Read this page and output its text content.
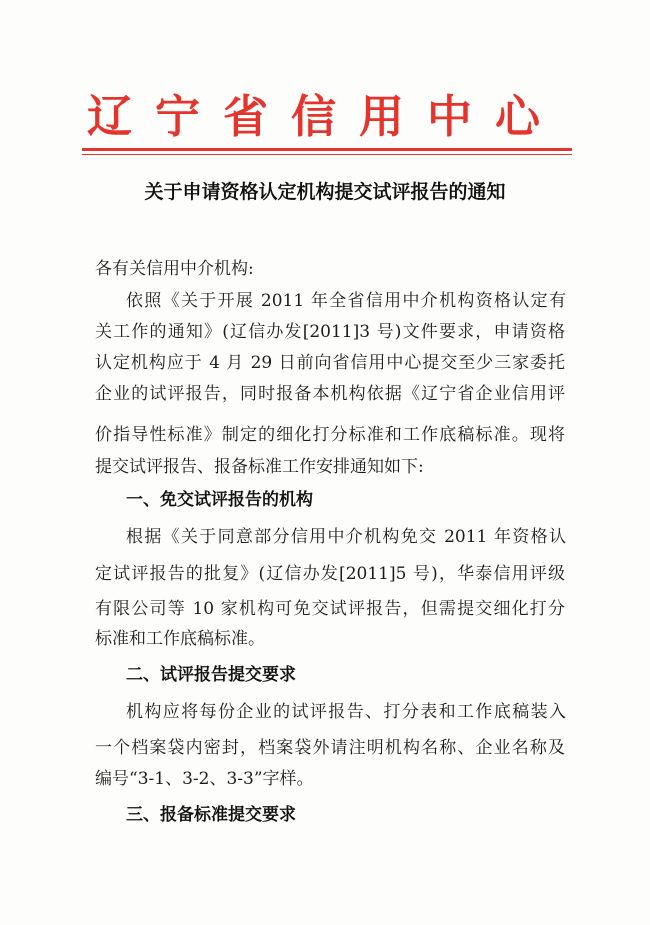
辽宁省信用中心
关于申请资格认定机构提交试评报告的通知
各有关信用中介机构:
依照《关于开展 2011 年全省信用中介机构资格认定有
关工作的通知》(辽信办发[2011]3 号)文件要求，申请资格
认定机构应于 4 月 29 日前向省信用中心提交至少三家委托
企业的试评报告，同时报备本机构依据《辽宁省企业信用评
价指导性标准》制定的细化打分标准和工作底稿标准。现将
提交试评报告、报备标准工作安排通知如下:
一、免交试评报告的机构
根据《关于同意部分信用中介机构免交 2011 年资格认
定试评报告的批复》(辽信办发[2011]5 号)，华泰信用评级
有限公司等 10 家机构可免交试评报告，但需提交细化打分
标准和工作底稿标准。
二、试评报告提交要求
机构应将每份企业的试评报告、打分表和工作底稿装入
一个档案袋内密封，档案袋外请注明机构名称、企业名称及
编号“3-1、3-2、3-3”字样。
三、报备标准提交要求
